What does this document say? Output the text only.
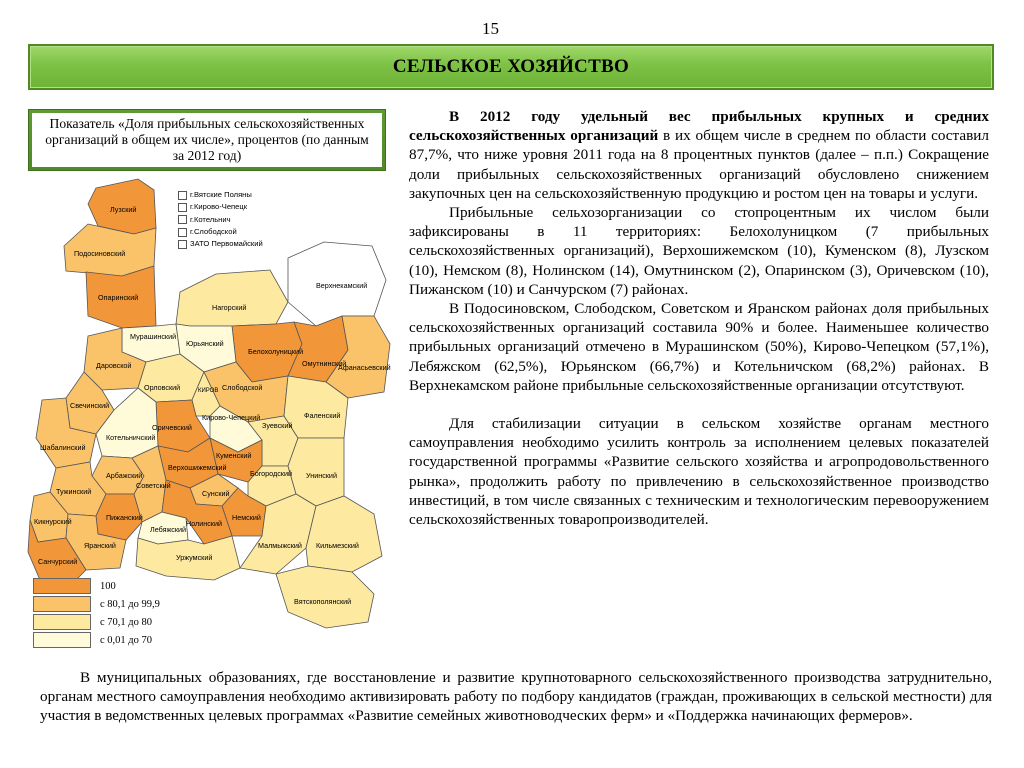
15
СЕЛЬСКОЕ ХОЗЯЙСТВО
Показатель «Доля прибыльных сельскохозяйственных организаций в общем их числе», процентов (по данным за 2012 год)
Лузский
Подосиновский
Опаринский
Мурашинский
Нагорский
Верхнекамский
Белохолуницкий
Омутнинский
Афанасьевский
Юрьянский
Слободской
Даровской
Свечинский
Шабалинский
Орловский	КИРОВ
Кирово-Чепецкий
Зуевский
Фаленский
Оричевский
Котельничский
Куменский
Верхошижемский
Сунский
Богородский Унинский
Арбажский
Тужинский
Пижанский
Советский
Лебяжский
Немский
Нолинский
Кикнурский
Яранский
Санчурский	Уржумский
Малмыжский Кильмезский
Вятскополянский
г.Вятские Поляны
г.Кирово-Чепецк
г.Котельнич
г.Слободской
ЗАТО Первомайский
100
с 80,1 до 99,9
с 70,1 до 80
с 0,01 до 70

В 2012 году удельный вес прибыльных крупных и средних сельскохозяйственных организаций в их общем числе в среднем по области составил 87,7%, что ниже уровня 2011 года на 8 процентных пунктов (далее – п.п.) Сокращение доли прибыльных сельскохозяйственных организаций обусловлено снижением закупочных цен на сельскохозяйственную продукцию и ростом цен на товары и услуги.

Прибыльные сельхозорганизации со стопроцентным их числом были зафиксированы в 11 территориях: Белохолуницком (7 прибыльных сельскохозяйственных организаций), Верхошижемском (10), Куменском (8), Лузском (10), Немском (8), Нолинском (14), Омутнинском (2), Опаринском (3), Оричевском (10), Пижанском (10) и Санчурском (7) районах.

В Подосиновском, Слободском, Советском и Яранском районах доля прибыльных сельскохозяйственных организаций составила 90% и более. Наименьшее количество прибыльных организаций отмечено в Мурашинском (50%), Кирово-Чепецком (57,1%), Лебяжском (62,5%), Юрьянском (66,7%) и Котельничском (68,2%) районах. В Верхнекамском районе прибыльные сельскохозяйственные организации отсутствуют.

Для стабилизации ситуации в сельском хозяйстве органам местного самоуправления необходимо усилить контроль за исполнением целевых показателей государственной программы «Развитие сельского хозяйства и агропродовольственного рынка», продолжить работу по привлечению в сельскохозяйственное производство инвестиций, в том числе связанных с техническим и технологическим перевооружением сельскохозяйственных товаропроизводителей.

В муниципальных образованиях, где восстановление и развитие крупнотоварного сельскохозяйственного производства затруднительно, органам местного самоуправления необходимо активизировать работу по подбору кандидатов (граждан, проживающих в сельской местности) для участия в ведомственных целевых программах «Развитие семейных животноводческих ферм» и «Поддержка начинающих фермеров».
